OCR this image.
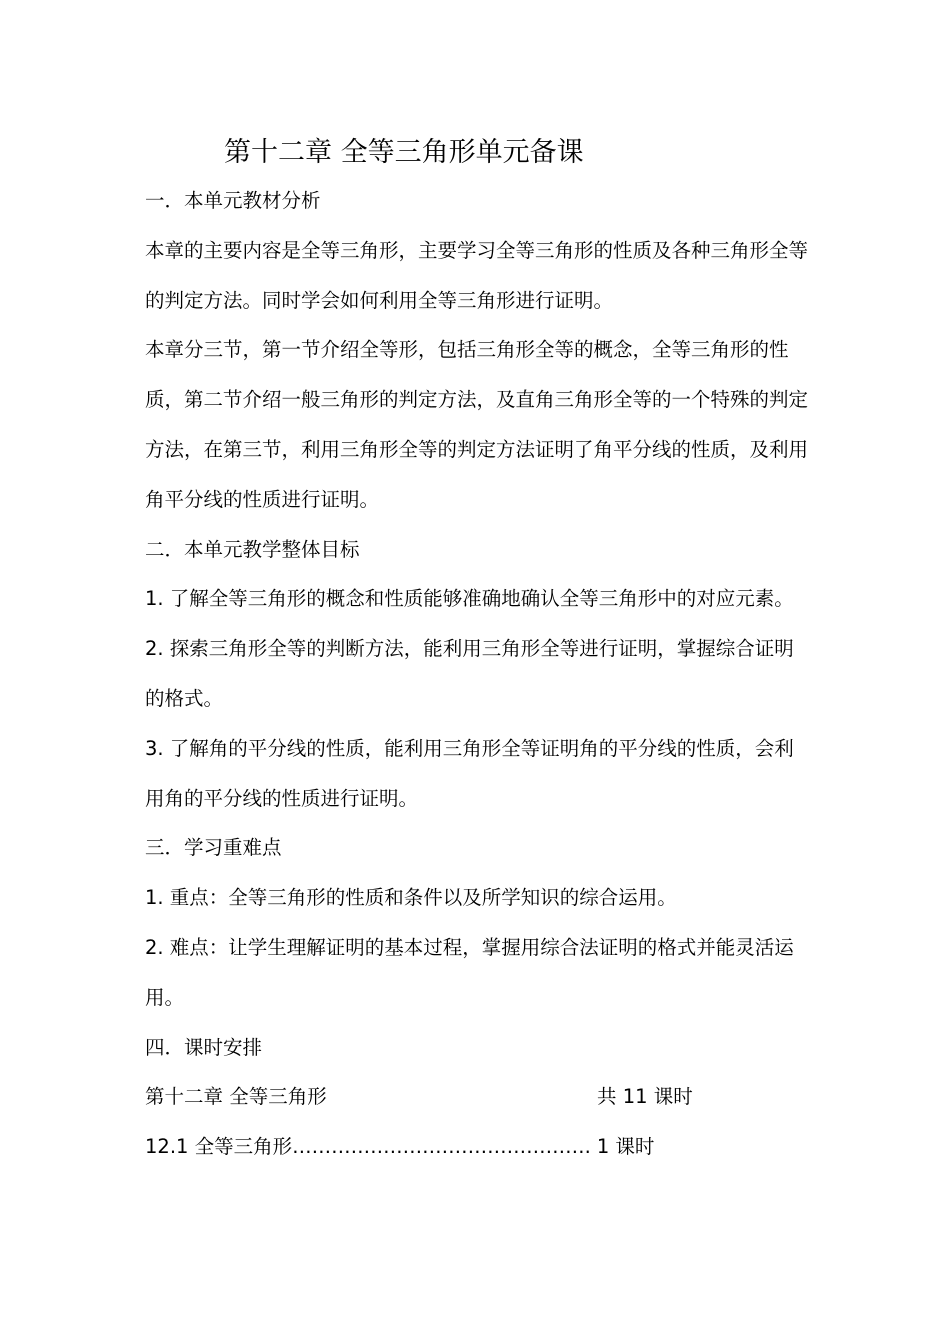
第十二章 全等三角形单元备课

一．本单元教材分析

本章的主要内容是全等三角形，主要学习全等三角形的性质及各种三角形全等的判定方法。同时学会如何利用全等三角形进行证明。

本章分三节，第一节介绍全等形，包括三角形全等的概念，全等三角形的性质，第二节介绍一般三角形的判定方法，及直角三角形全等的一个特殊的判定方法，在第三节，利用三角形全等的判定方法证明了角平分线的性质，及利用角平分线的性质进行证明。

二．本单元教学整体目标

1. 了解全等三角形的概念和性质能够准确地确认全等三角形中的对应元素。

2. 探索三角形全等的判断方法，能利用三角形全等进行证明，掌握综合证明的格式。

3. 了解角的平分线的性质，能利用三角形全等证明角的平分线的性质，会利用角的平分线的性质进行证明。

三．学习重难点

1. 重点：全等三角形的性质和条件以及所学知识的综合运用。

2. 难点：让学生理解证明的基本过程，掌握用综合法证明的格式并能灵活运用。

四．课时安排

第十二章 全等三角形	共 11 课时
12.1 全等三角形 ………………………………………. 1 课时
